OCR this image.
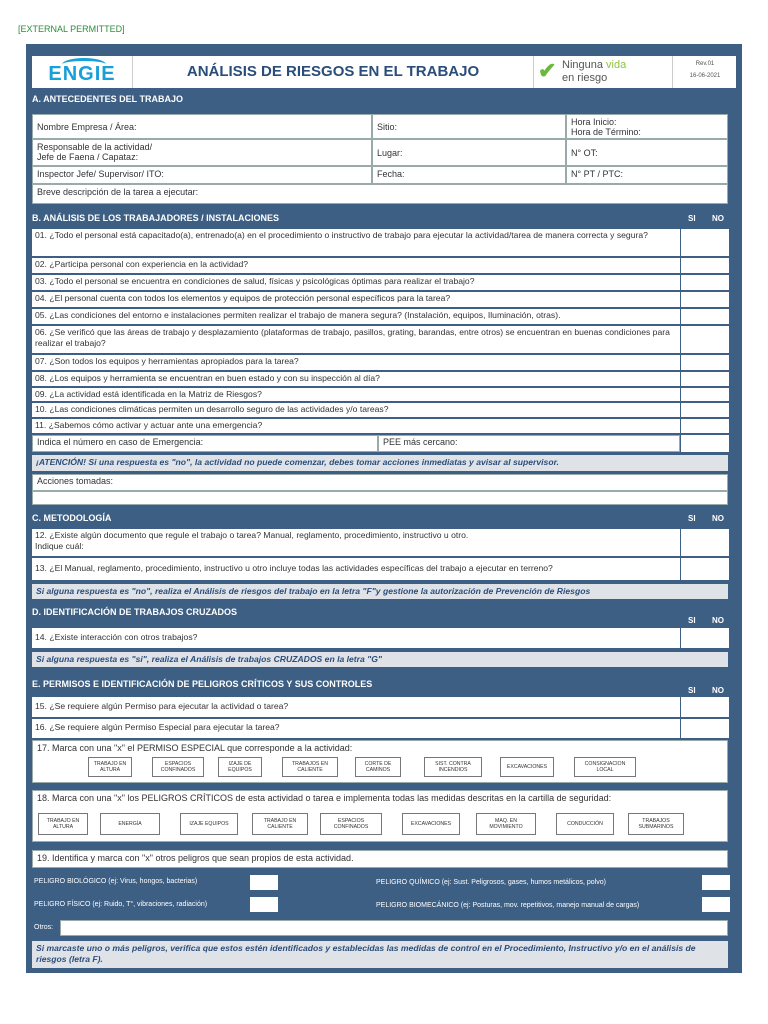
[EXTERNAL PERMITTED]
ENGIE	ANÁLISIS DE RIESGOS EN EL TRABAJO	✔ Ninguna vida
en riesgo
Rev.01
16-06-2021
A. ANTECEDENTES DEL TRABAJO
Nombre Empresa / Área:	Sitio:	Hora Inicio:
Hora de Término:
Responsable de la actividad/
Jefe de Faena / Capataz:	Lugar:	N° OT:
Inspector Jefe/ Supervisor/ ITO:	Fecha:	N° PT / PTC:
Breve descripción de la tarea a ejecutar:
B. ANÁLISIS DE LOS TRABAJADORES / INSTALACIONES	SI NO
01. ¿Todo el personal está capacitado(a), entrenado(a) en el procedimiento o instructivo de trabajo para ejecutar la actividad/tarea de manera correcta y segura?
02. ¿Participa personal con experiencia en la actividad?
03. ¿Todo el personal se encuentra en condiciones de salud, físicas y psicológicas óptimas para realizar el trabajo?
04. ¿El personal cuenta con todos los elementos y equipos de protección personal específicos para la tarea?
05. ¿Las condiciones del entorno e instalaciones permiten realizar el trabajo de manera segura? (Instalación, equipos, Iluminación, otras).
06. ¿Se verificó que las áreas de trabajo y desplazamiento (plataformas de trabajo, pasillos, grating, barandas, entre otros) se encuentran en buenas condiciones para realizar el trabajo?
07. ¿Son todos los equipos y herramientas apropiados para la tarea?
08. ¿Los equipos y herramienta se encuentran en buen estado y con su inspección al día?
09. ¿La actividad está identificada en la Matriz de Riesgos?
10. ¿Las condiciones climáticas permiten un desarrollo seguro de las actividades y/o tareas?
11. ¿Sabemos cómo activar y actuar ante una emergencia?
Indica el número en caso de Emergencia:	PEE más cercano:
¡ATENCIÓN! Si una respuesta es "no", la actividad no puede comenzar, debes tomar acciones inmediatas y avisar al supervisor.
Acciones tomadas:
C. METODOLOGÍA	SI NO
12. ¿Existe algún documento que regule el trabajo o tarea? Manual, reglamento, procedimiento, instructivo u otro.
Indique cuál:
13. ¿El Manual, reglamento, procedimiento, instructivo u otro incluye todas las actividades específicas del trabajo a ejecutar en terreno?
Si alguna respuesta es "no", realiza el Análisis de riesgos del trabajo en la letra "F"y gestione la autorización de Prevención de Riesgos
D. IDENTIFICACIÓN DE TRABAJOS CRUZADOS
SI NO
14. ¿Existe interacción con otros trabajos?
Si alguna respuesta es "si", realiza el Análisis de trabajos CRUZADOS en la letra "G"
E. PERMISOS E IDENTIFICACIÓN DE PELIGROS CRÍTICOS Y SUS CONTROLES
SI NO
15. ¿Se requiere algún Permiso para ejecutar la actividad o tarea?
16. ¿Se requiere algún Permiso Especial para ejecutar la tarea?
17. Marca con una "x" el PERMISO ESPECIAL que corresponde a la actividad:
TRABAJO EN ALTURA
ESPACIOS CONFINADOS
IZAJE DE EQUIPOS
TRABAJOS EN CALIENTE
CORTE DE CAMINOS
SIST. CONTRA INCENDIOS	EXCAVACIONES	CONSIGNACION LOCAL
18. Marca con una "x" los PELIGROS CRÍTICOS de esta actividad o tarea e implementa todas las medidas descritas en la cartilla de seguridad:
TRABAJO EN ALTURA	ENERGÍA	IZAJE EQUIPOS	TRABAJO EN CALIENTE
ESPACIOS CONFINADOS	EXCAVACIONES	MAQ. EN MOVIMIENTO	CONDUCCIÓN	TRABAJOS SUBMARINOS
19. Identifica y marca con "x" otros peligros que sean propios de esta actividad.
PELIGRO BIOLÓGICO (ej: Virus, hongos, bacterias)	PELIGRO QUÍMICO (ej: Sust. Peligrosos, gases, humos metálicos, polvo)
PELIGRO FÍSICO (ej: Ruido, T°, vibraciones, radiación)	PELIGRO BIOMECÁNICO (ej: Posturas, mov. repetitivos, manejo manual de cargas)
Otros:
Si marcaste uno o más peligros, verifica que estos estén identificados y establecidas las medidas de control en el Procedimiento, Instructivo y/o en el análisis de riesgos (letra F).
